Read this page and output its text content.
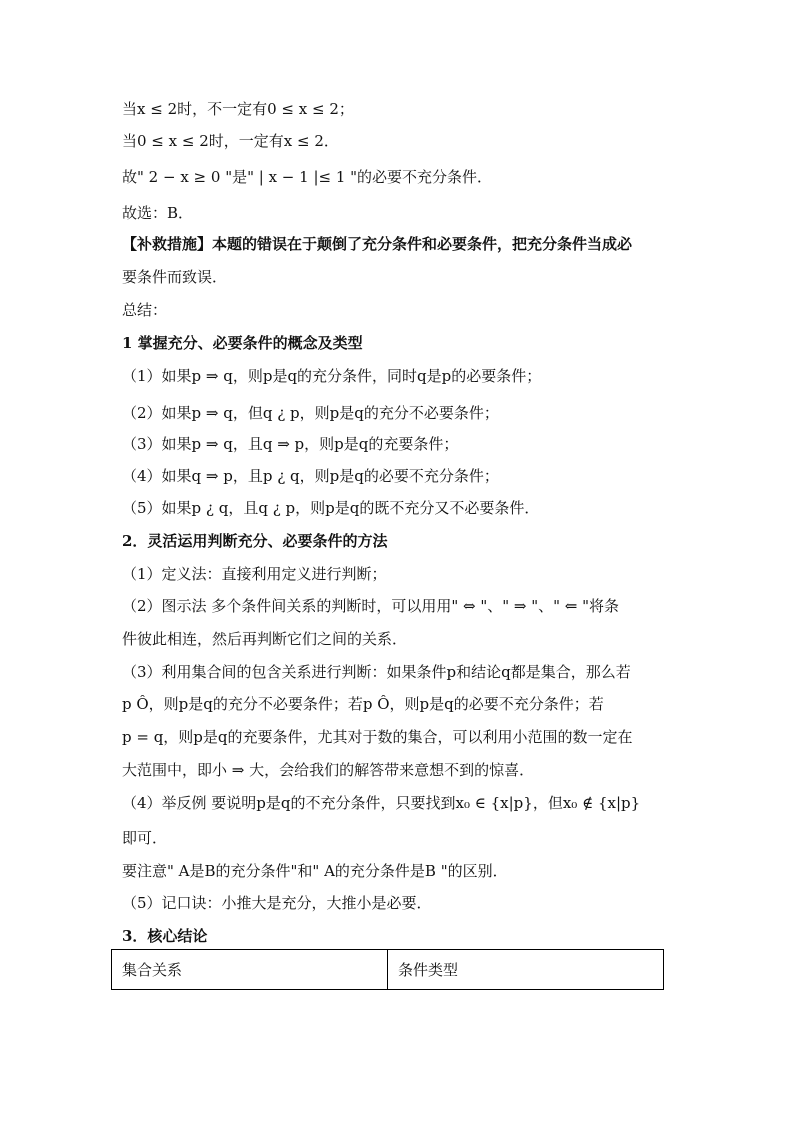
当x ≤ 2时，不一定有0 ≤ x ≤ 2；
当0 ≤ x ≤ 2时，一定有x ≤ 2．
故" 2 − x ≥ 0 "是" | x − 1 |≤ 1 "的必要不充分条件．
故选：B．
【补救措施】本题的错误在于颠倒了充分条件和必要条件，把充分条件当成必
要条件而致误．
总结：
1 掌握充分、必要条件的概念及类型
（1）如果p ⇒ q，则p是q的充分条件，同时q是p的必要条件；
（2）如果p ⇒ q，但q ¿ p，则p是q的充分不必要条件；
（3）如果p ⇒ q，且q ⇒ p，则p是q的充要条件；
（4）如果q ⇒ p，且p ¿ q，则p是q的必要不充分条件；
（5）如果p ¿ q，且q ¿ p，则p是q的既不充分又不必要条件．
2．灵活运用判断充分、必要条件的方法
（1）定义法：直接利用定义进行判断；
（2）图示法 多个条件间关系的判断时，可以用用" ⇔ "、" ⇒ "、" ⇐ "将条
件彼此相连，然后再判断它们之间的关系．
（3）利用集合间的包含关系进行判断：如果条件p和结论q都是集合，那么若
p Ô，则p是q的充分不必要条件；若p Ô，则p是q的必要不充分条件；若
p = q，则p是q的充要条件，尤其对于数的集合，可以利用小范围的数一定在
大范围中，即小 ⇒ 大，会给我们的解答带来意想不到的惊喜．
（4）举反例 要说明p是q的不充分条件，只要找到x₀ ∈ {x|p}，但x₀ ∉ {x|p}
即可．
要注意" A是B的充分条件"和" A的充分条件是B "的区别．
（5）记口诀：小推大是充分，大推小是必要．
3．核心结论
集合关系	条件类型
